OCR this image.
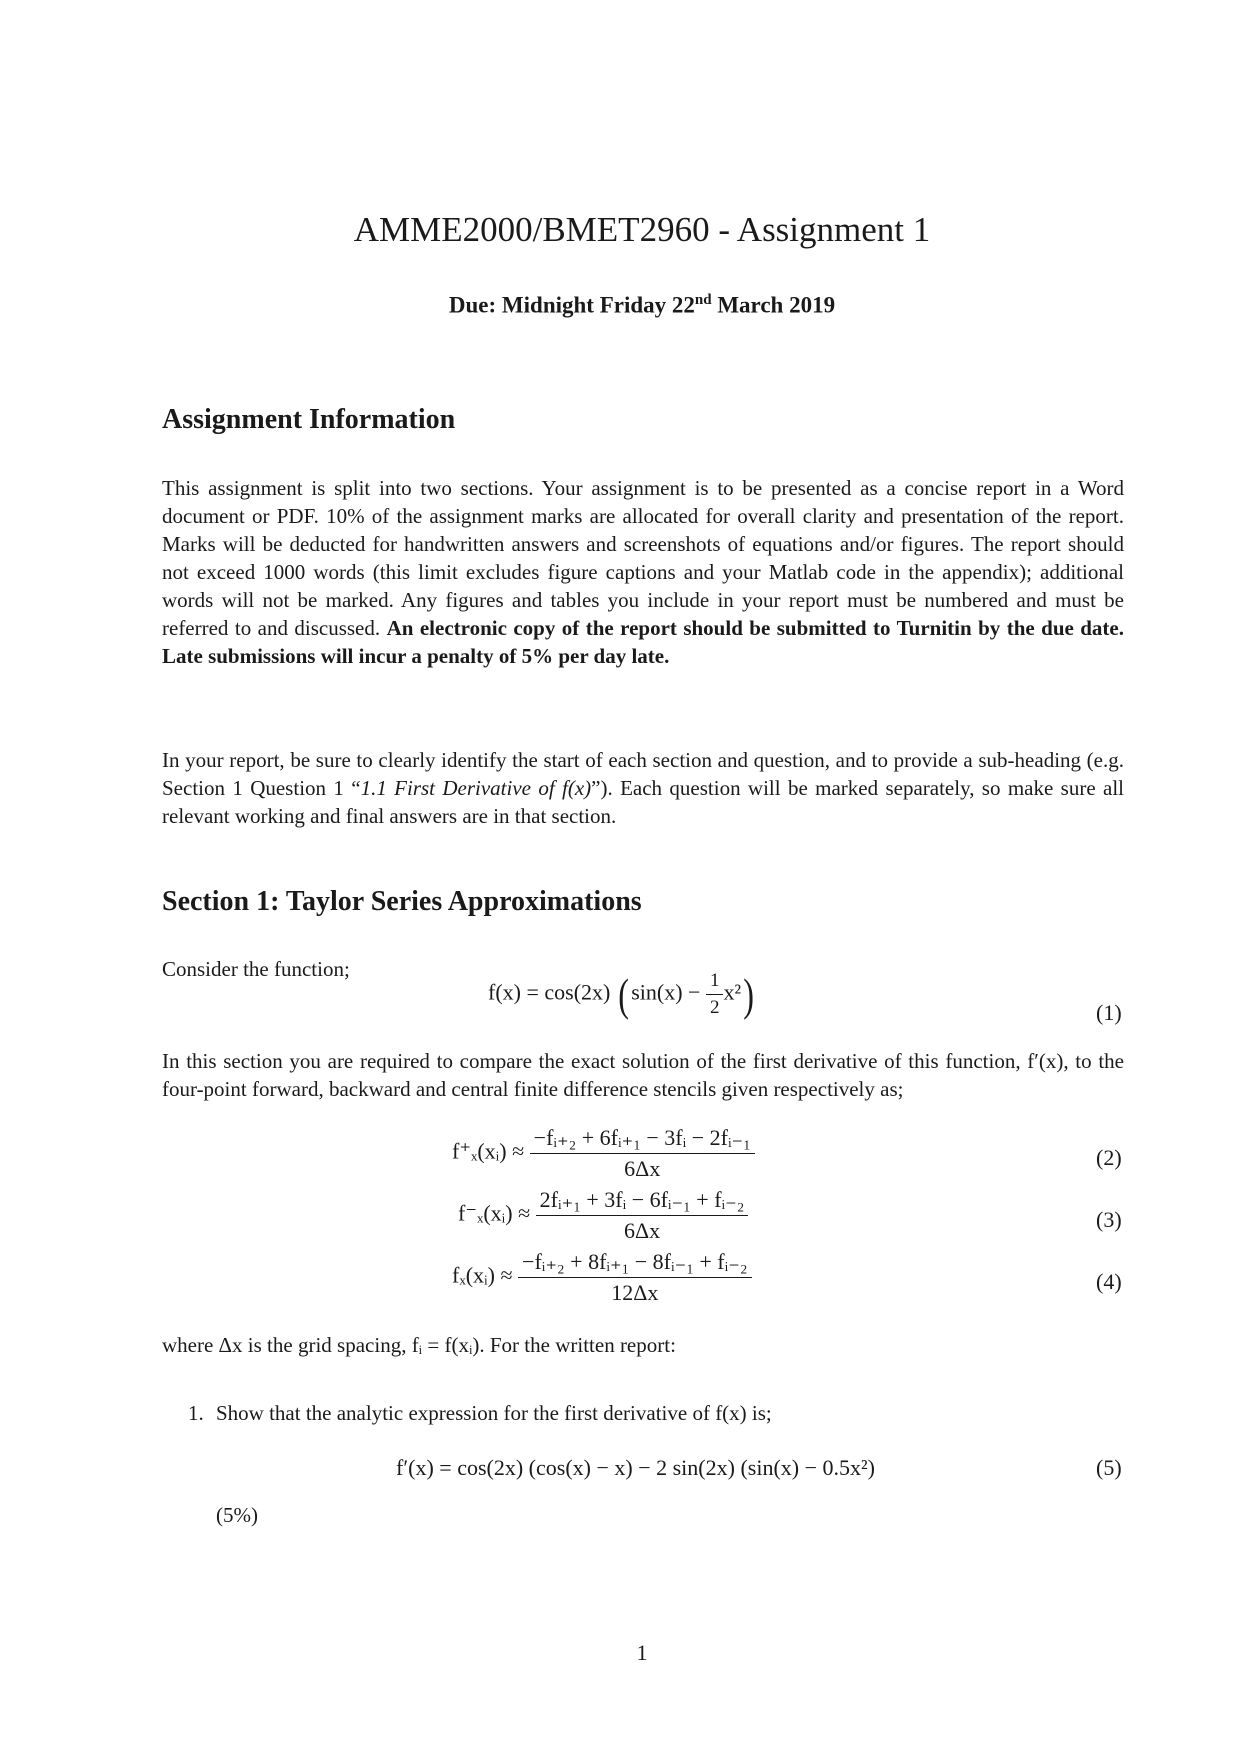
AMME2000/BMET2960 - Assignment 1
Due: Midnight Friday 22nd March 2019
Assignment Information
This assignment is split into two sections. Your assignment is to be presented as a concise report in a Word document or PDF. 10% of the assignment marks are allocated for overall clarity and presentation of the report. Marks will be deducted for handwritten answers and screenshots of equations and/or figures. The report should not exceed 1000 words (this limit excludes figure captions and your Matlab code in the appendix); additional words will not be marked. Any figures and tables you include in your report must be numbered and must be referred to and discussed. An electronic copy of the report should be submitted to Turnitin by the due date. Late submissions will incur a penalty of 5% per day late.
In your report, be sure to clearly identify the start of each section and question, and to provide a sub-heading (e.g. Section 1 Question 1 “1.1 First Derivative of f(x)”). Each question will be marked separately, so make sure all relevant working and final answers are in that section.
Section 1: Taylor Series Approximations
Consider the function;
f(x) = cos(2x) ( $\sin(x) - \frac{1}{2} x^2$)	(1)
In this section you are required to compare the exact solution of the first derivative of this function, f′(x), to the four-point forward, backward and central finite difference stencils given respectively as;
f⁺ₓ(xᵢ) ≈ $\frac{\text{−fᵢ₊₂ + 6fᵢ₊₁ − 3fᵢ − 2fᵢ₋₁}}{6\Delta x}$	(2)
f⁻ₓ(xᵢ) ≈ $\frac{\text{2fᵢ₊₁ + 3fᵢ − 6fᵢ₋₁ + fᵢ₋₂}}{6\Delta x}$	(3)
fₓ(xᵢ) ≈ $\frac{\text{−fᵢ₊₂ + 8fᵢ₊₁ − 8fᵢ₋₁ + fᵢ₋₂}}{12\Delta x}$	(4)
where Δx is the grid spacing, fᵢ = f(xᵢ). For the written report:
1. Show that the analytic expression for the first derivative of f(x) is;
f′(x) = cos(2x) (cos(x) − x) − 2 sin(2x) (sin(x) − 0.5x²)	(5)
(5%)
1
